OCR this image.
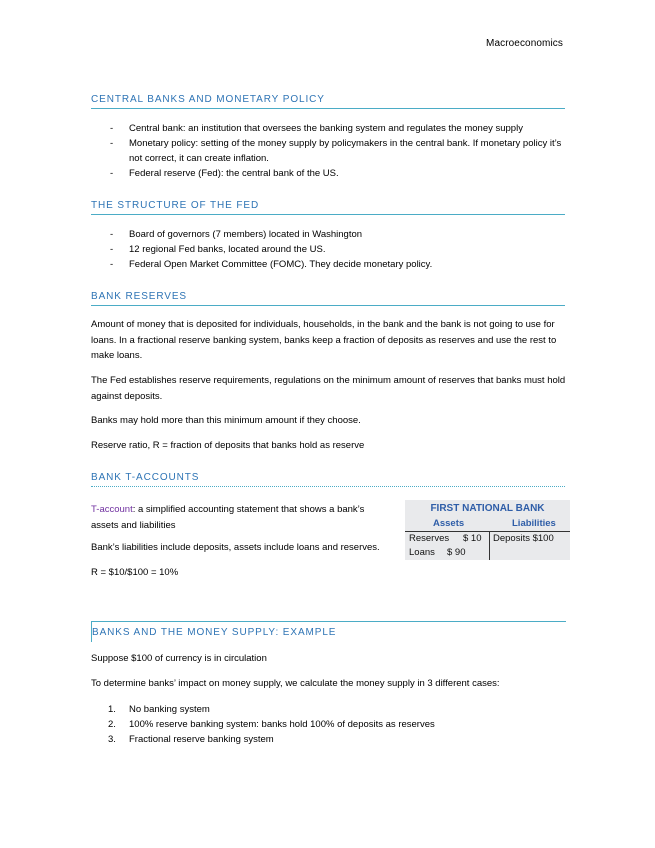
Macroeconomics
CENTRAL BANKS AND MONETARY POLICY
- Central bank: an institution that oversees the banking system and regulates the money supply
- Monetary policy: setting of the money supply by policymakers in the central bank. If monetary policy it’s not correct, it can create inflation.
- Federal reserve (Fed): the central bank of the US.
THE STRUCTURE OF THE FED
- Board of governors (7 members) located in Washington
- 12 regional Fed banks, located around the US.
- Federal Open Market Committee (FOMC). They decide monetary policy.
BANK RESERVES
Amount of money that is deposited for individuals, households, in the bank and the bank is not going to use for loans. In a fractional reserve banking system, banks keep a fraction of deposits as reserves and use the rest to make loans.
The Fed establishes reserve requirements, regulations on the minimum amount of reserves that banks must hold against deposits.
Banks may hold more than this minimum amount if they choose.
Reserve ratio, R = fraction of deposits that banks hold as reserve
BANK T-ACCOUNTS
T-account: a simplified accounting statement that shows a bank’s assets and liabilities
Bank’s liabilities include deposits, assets include loans and reserves.
R = $10/$100 = 10%
FIRST NATIONAL BANK
Assets	Liabilities
Reserves $ 10
Loans $ 90
Deposits $100
BANKS AND THE MONEY SUPPLY: EXAMPLE
Suppose $100 of currency is in circulation
To determine banks’ impact on money supply, we calculate the money supply in 3 different cases:
1. No banking system
2. 100% reserve banking system: banks hold 100% of deposits as reserves
3. Fractional reserve banking system
